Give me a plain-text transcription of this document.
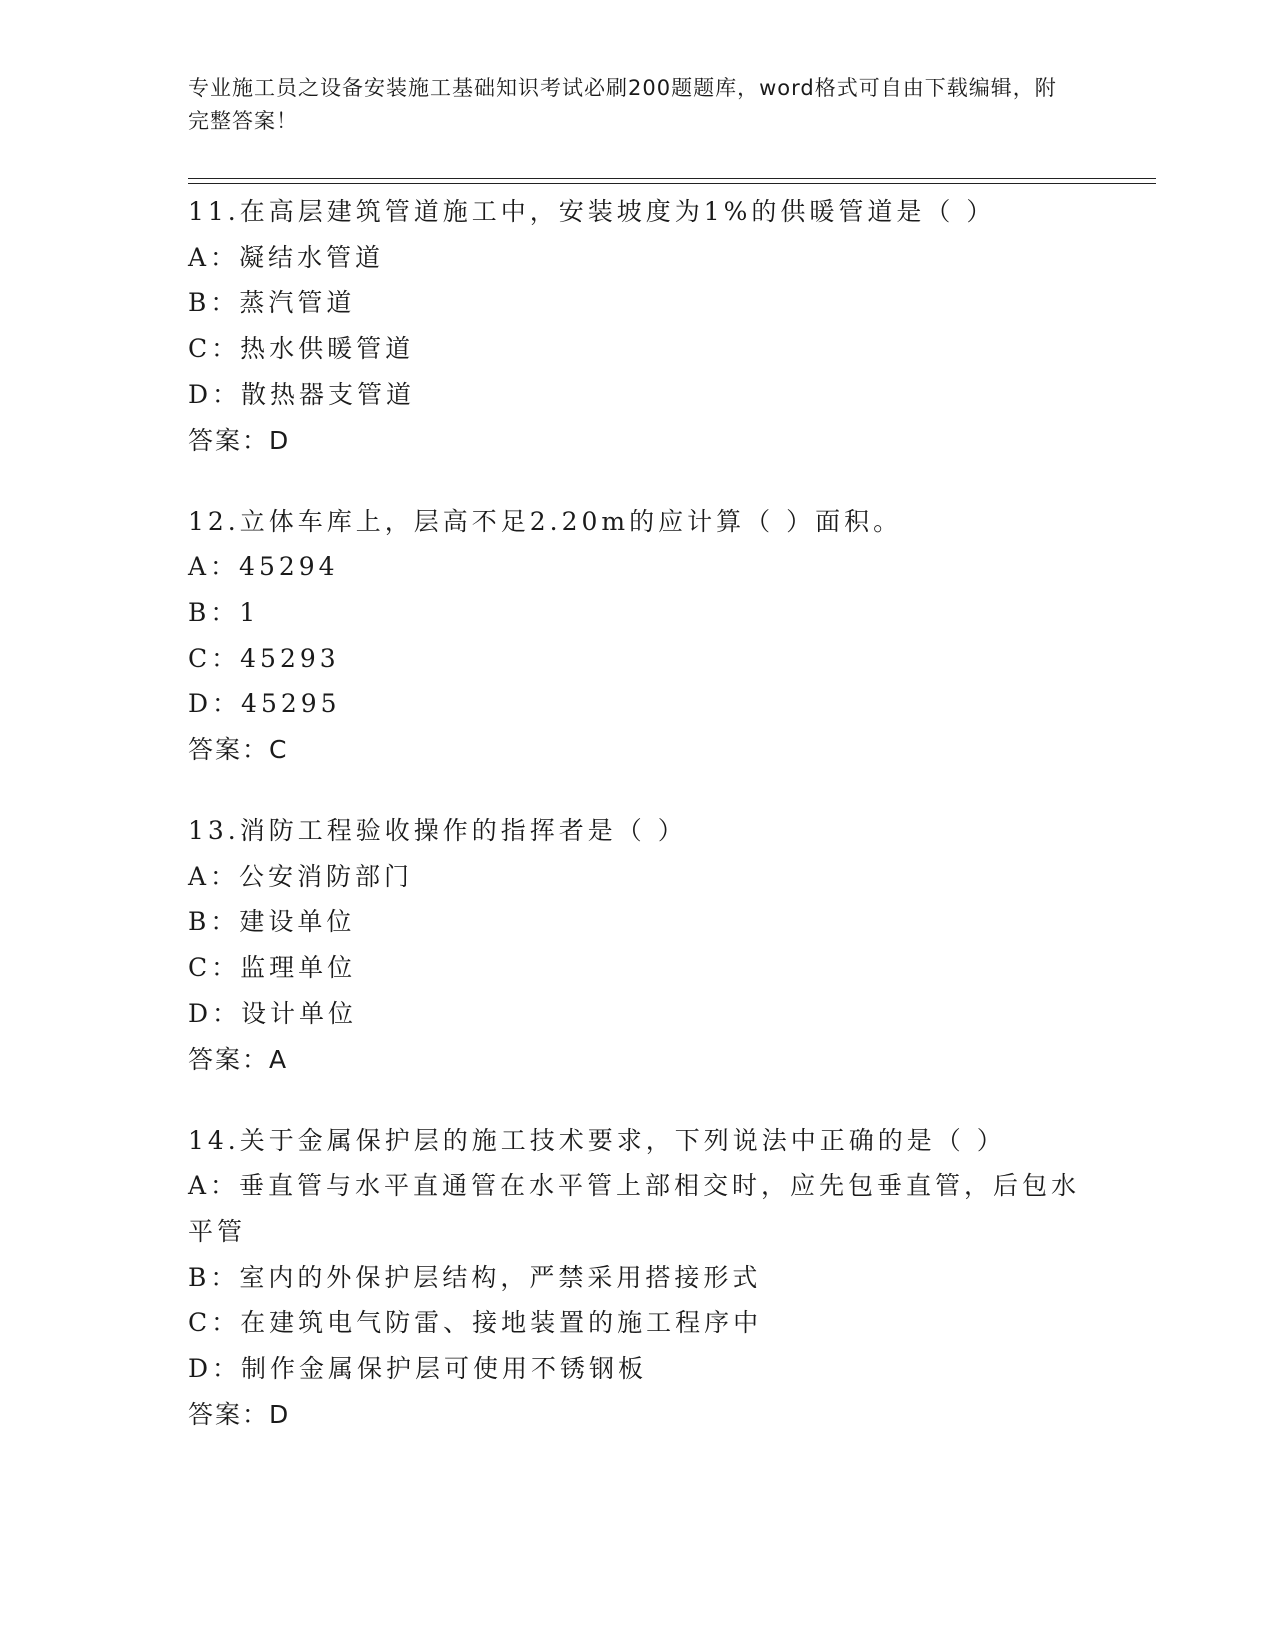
专业施工员之设备安装施工基础知识考试必刷200题题库，word格式可自由下载编辑，附完整答案！
11.在高层建筑管道施工中，安装坡度为1%的供暖管道是（ ）
A：凝结水管道
B：蒸汽管道
C：热水供暖管道
D：散热器支管道
答案：D
12.立体车库上，层高不足2.20m的应计算（ ）面积。
A：45294
B：1
C：45293
D：45295
答案：C
13.消防工程验收操作的指挥者是（ ）
A：公安消防部门
B：建设单位
C：监理单位
D：设计单位
答案：A
14.关于金属保护层的施工技术要求，下列说法中正确的是（ ）
A：垂直管与水平直通管在水平管上部相交时，应先包垂直管，后包水平管
B：室内的外保护层结构，严禁采用搭接形式
C：在建筑电气防雷、接地装置的施工程序中
D：制作金属保护层可使用不锈钢板
答案：D
